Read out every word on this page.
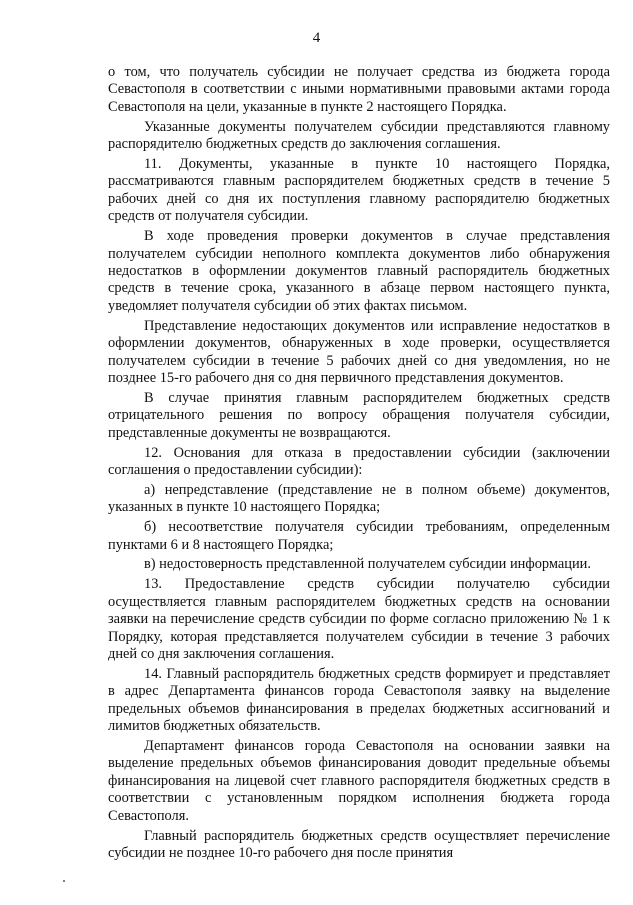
4

о том, что получатель субсидии не получает средства из бюджета города Севастополя в соответствии с иными нормативными правовыми актами города Севастополя на цели, указанные в пункте 2 настоящего Порядка.

Указанные документы получателем субсидии представляются главному распорядителю бюджетных средств до заключения соглашения.

11. Документы, указанные в пункте 10 настоящего Порядка, рассматриваются главным распорядителем бюджетных средств в течение 5 рабочих дней со дня их поступления главному распорядителю бюджетных средств от получателя субсидии.

В ходе проведения проверки документов в случае представления получателем субсидии неполного комплекта документов либо обнаружения недостатков в оформлении документов главный распорядитель бюджетных средств в течение срока, указанного в абзаце первом настоящего пункта, уведомляет получателя субсидии об этих фактах письмом.

Представление недостающих документов или исправление недостатков в оформлении документов, обнаруженных в ходе проверки, осуществляется получателем субсидии в течение 5 рабочих дней со дня уведомления, но не позднее 15-го рабочего дня со дня первичного представления документов.

В случае принятия главным распорядителем бюджетных средств отрицательного решения по вопросу обращения получателя субсидии, представленные документы не возвращаются.

12. Основания для отказа в предоставлении субсидии (заключении соглашения о предоставлении субсидии):

а) непредставление (представление не в полном объеме) документов, указанных в пункте 10 настоящего Порядка;

б) несоответствие получателя субсидии требованиям, определенным пунктами 6 и 8 настоящего Порядка;

в) недостоверность представленной получателем субсидии информации.

13. Предоставление средств субсидии получателю субсидии осуществляется главным распорядителем бюджетных средств на основании заявки на перечисление средств субсидии по форме согласно приложению № 1 к Порядку, которая представляется получателем субсидии в течение 3 рабочих дней со дня заключения соглашения.

14. Главный распорядитель бюджетных средств формирует и представляет в адрес Департамента финансов города Севастополя заявку на выделение предельных объемов финансирования в пределах бюджетных ассигнований и лимитов бюджетных обязательств.

Департамент финансов города Севастополя на основании заявки на выделение предельных объемов финансирования доводит предельные объемы финансирования на лицевой счет главного распорядителя бюджетных средств в соответствии с установленным порядком исполнения бюджета города Севастополя.

Главный распорядитель бюджетных средств осуществляет перечисление субсидии не позднее 10-го рабочего дня после принятия
